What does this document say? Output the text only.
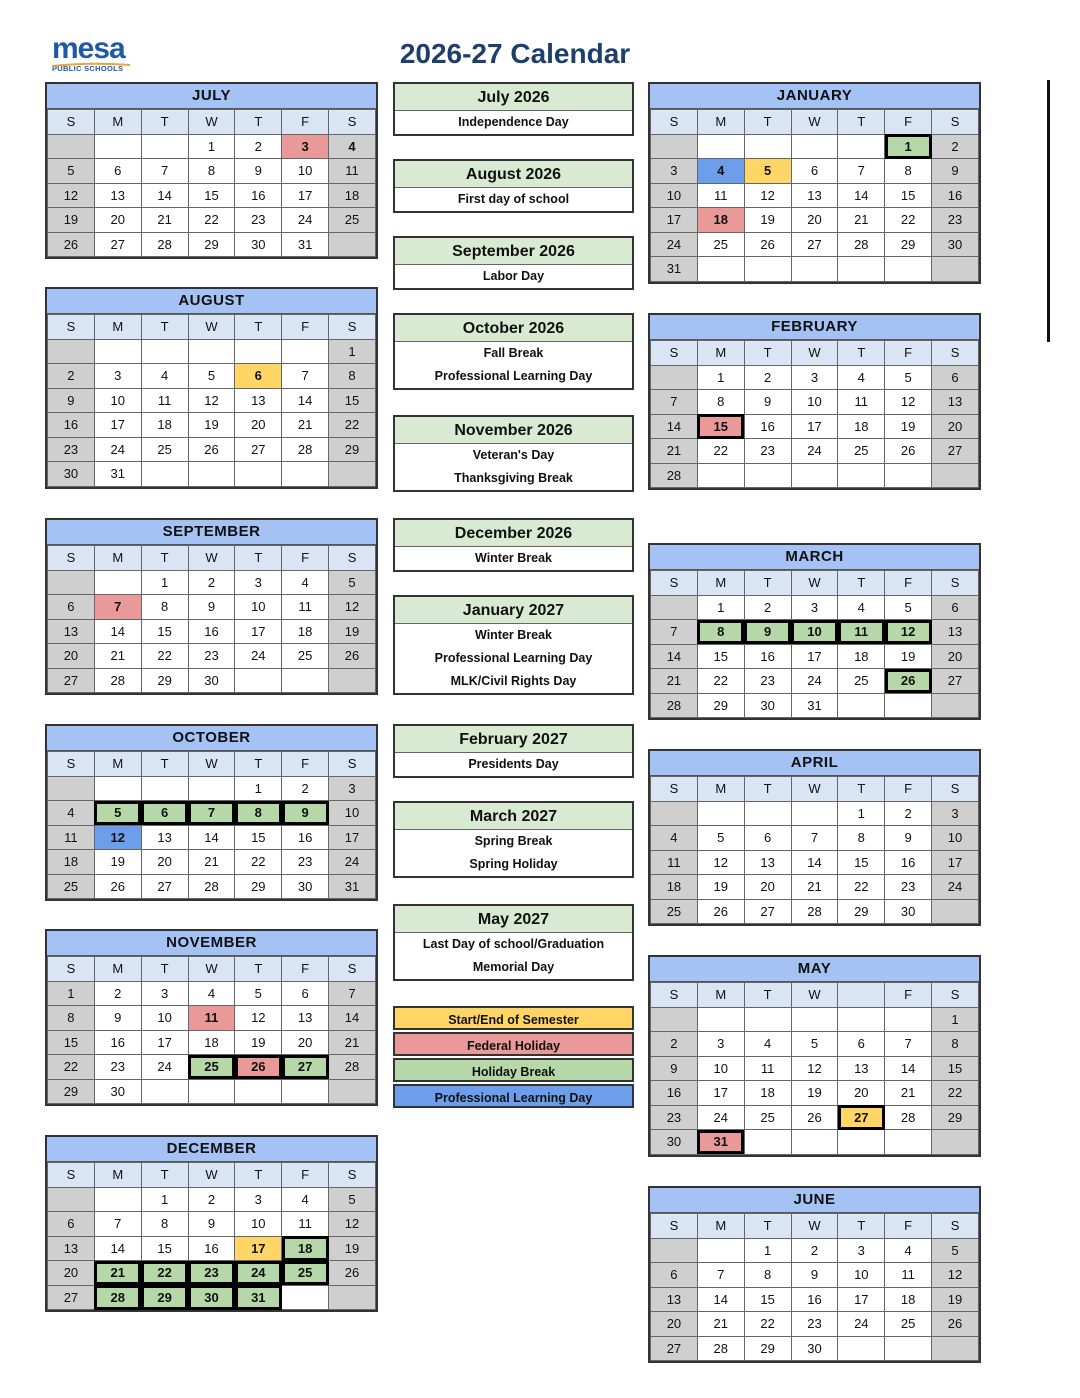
mesa
PUBLIC SCHOOLS	2026-27 Calendar
JULY
S	M	T	W	T	F	S
			1	2	3	4
5	6	7	8	9	10	11
12	13	14	15	16	17	18
19	20	21	22	23	24	25
26	27	28	29	30	31	
AUGUST
S	M	T	W	T	F	S
						1
2	3	4	5	6	7	8
9	10	11	12	13	14	15
16	17	18	19	20	21	22
23	24	25	26	27	28	29
30	31					
SEPTEMBER
S	M	T	W	T	F	S
		1	2	3	4	5
6	7	8	9	10	11	12
13	14	15	16	17	18	19
20	21	22	23	24	25	26
27	28	29	30			
OCTOBER
S	M	T	W	T	F	S
				1	2	3
4	5	6	7	8	9	10
11	12	13	14	15	16	17
18	19	20	21	22	23	24
25	26	27	28	29	30	31
NOVEMBER
S	M	T	W	T	F	S
1	2	3	4	5	6	7
8	9	10	11	12	13	14
15	16	17	18	19	20	21
22	23	24	25	26	27	28
29	30					
DECEMBER
S	M	T	W	T	F	S
		1	2	3	4	5
6	7	8	9	10	11	12
13	14	15	16	17	18	19
20	21	22	23	24	25	26
27	28	29	30	31		
JANUARY
S	M	T	W	T	F	S
					1	2
3	4	5	6	7	8	9
10	11	12	13	14	15	16
17	18	19	20	21	22	23
24	25	26	27	28	29	30
31						
FEBRUARY
S	M	T	W	T	F	S
	1	2	3	4	5	6
7	8	9	10	11	12	13
14	15	16	17	18	19	20
21	22	23	24	25	26	27
28						
MARCH
S	M	T	W	T	F	S
	1	2	3	4	5	6
7	8	9	10	11	12	13
14	15	16	17	18	19	20
21	22	23	24	25	26	27
28	29	30	31			
APRIL
S	M	T	W	T	F	S
				1	2	3
4	5	6	7	8	9	10
11	12	13	14	15	16	17
18	19	20	21	22	23	24
25	26	27	28	29	30	
MAY
S	M	T	W		F	S
						1
2	3	4	5	6	7	8
9	10	11	12	13	14	15
16	17	18	19	20	21	22
23	24	25	26	27	28	29
30	31					
JUNE
S	M	T	W	T	F	S
		1	2	3	4	5
6	7	8	9	10	11	12
13	14	15	16	17	18	19
20	21	22	23	24	25	26
27	28	29	30			
July 2026
Independence Day
August 2026
First day of school
September 2026
Labor Day
October 2026
Fall Break
Professional Learning Day
November 2026
Veteran's Day
Thanksgiving Break
December 2026
Winter Break
January 2027
Winter Break
Professional Learning Day
MLK/Civil Rights Day
February 2027
Presidents Day
March 2027
Spring Break
Spring Holiday
May 2027
Last Day of school/Graduation
Memorial Day
Start/End of Semester
Federal Holiday
Holiday Break
Professional Learning Day
